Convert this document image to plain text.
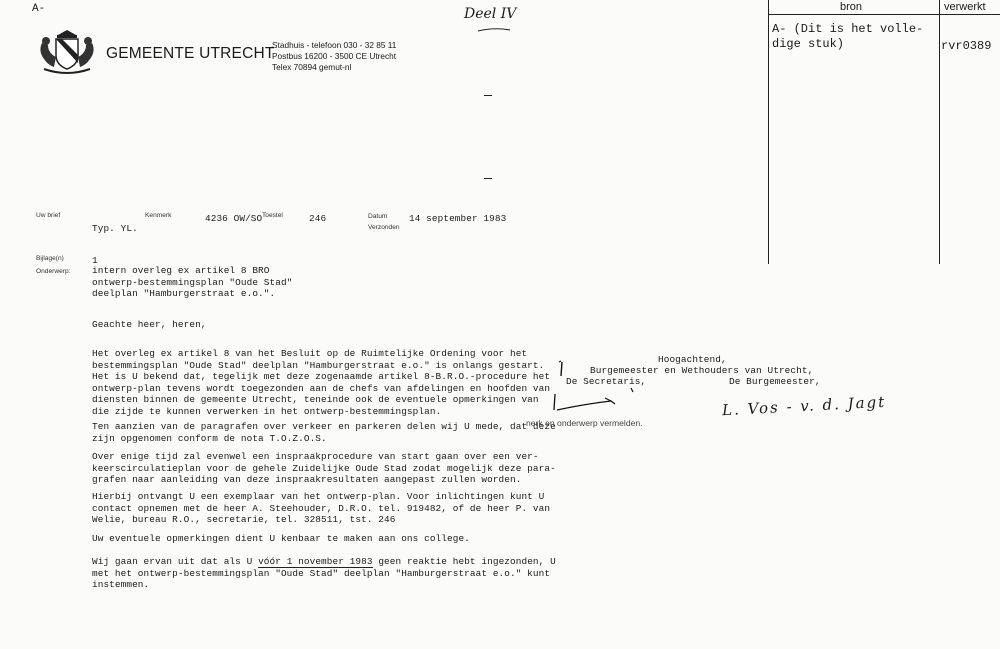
A-	Deel IV
GEMEENTE UTRECHT
Stadhuis - telefoon 030 - 32 85 11
Postbus 16200 - 3500 CE Utrecht
Telex 70894 gemut-nl
Uw brief
Typ. YL.
Kenmerk	4236 OW/SO Toestel	246	Datum 14 september 1983
Verzonden
Bijlage(n)	1
Onderwerp: intern overleg ex artikel 8 BRO
ontwerp-bestemmingsplan "Oude Stad"
deelplan "Hamburgerstraat e.o.".
Geachte heer, heren,
Het overleg ex artikel 8 van het Besluit op de Ruimtelijke Ordening voor het
bestemmingsplan "Oude Stad" deelplan "Hamburgerstraat e.o." is onlangs gestart.
Het is U bekend dat, tegelijk met deze zogenaamde artikel 8-B.R.O.-procedure het
ontwerp-plan tevens wordt toegezonden aan de chefs van afdelingen en hoofden van
diensten binnen de gemeente Utrecht, teneinde ook de eventuele opmerkingen van
die zijde te kunnen verwerken in het ontwerp-bestemmingsplan.
Ten aanzien van de paragrafen over verkeer en parkeren delen wij U mede, dat deze
zijn opgenomen conform de nota T.O.Z.O.S.
Over enige tijd zal evenwel een inspraakprocedure van start gaan over een ver-
keerscirculatieplan voor de gehele Zuidelijke Oude Stad zodat mogelijk deze para-
grafen naar aanleiding van deze inspraakresultaten aangepast zullen worden.
Hierbij ontvangt U een exemplaar van het ontwerp-plan. Voor inlichtingen kunt U
contact opnemen met de heer A. Steehouder, D.R.O. tel. 919482, of de heer P. van
Welie, bureau R.O., secretarie, tel. 328511, tst. 246
Uw eventuele opmerkingen dient U kenbaar te maken aan ons college.
Wij gaan ervan uit dat als U vóór 1 november 1983 geen reaktie hebt ingezonden, U
met het ontwerp-bestemmingsplan "Oude Stad" deelplan "Hamburgerstraat e.o." kunt
instemmen.
Hoogachtend,
Burgemeester en Wethouders van Utrecht,
De Secretaris,	De Burgemeester,
nerk en onderwerp vermelden.
L. Vos - v. d. Jagt
bron	verwerkt
A- (Dit is het volle-
dige stuk)	rvr0389
